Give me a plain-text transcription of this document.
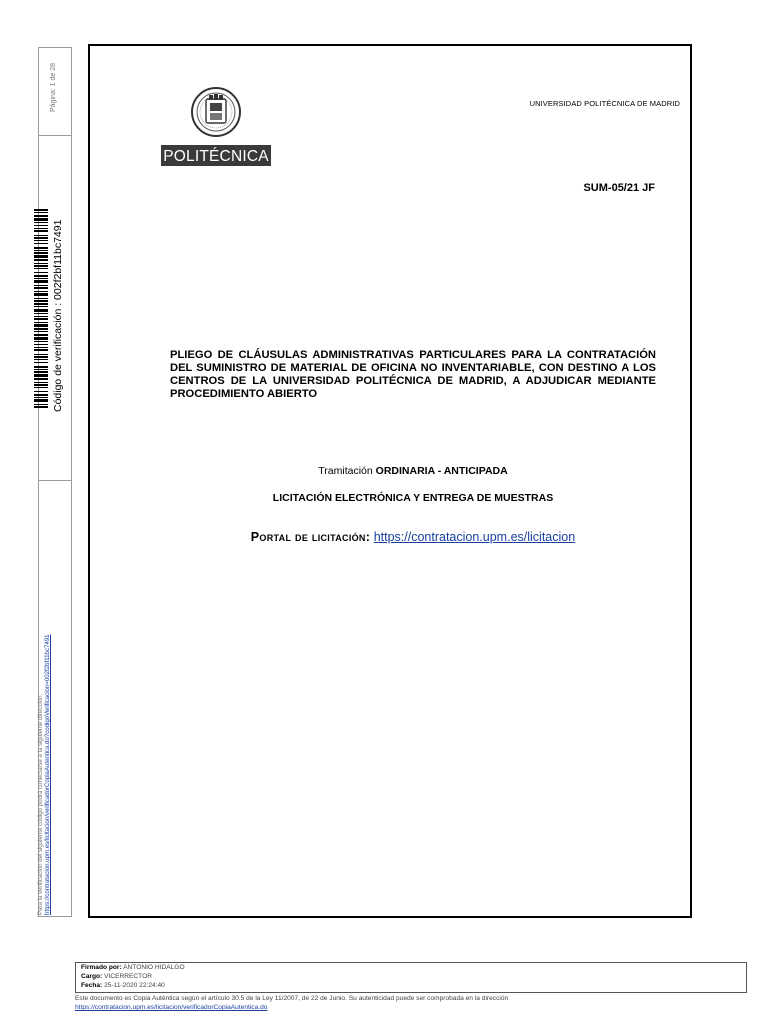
Página: 1 de 28
Código de verificación : 002f2bf11bc7491
Para la verificación del siguiente código podrá conectarse a la siguiente dirección: https://contratacion.upm.es/licitacion/verificadorCopiaAutentica.do?codigoVerificacion=002f2bf11bc7491
POLITÉCNICA
UNIVERSIDAD POLITÉCNICA DE MADRID
SUM-05/21 JF
PLIEGO DE CLÁUSULAS ADMINISTRATIVAS PARTICULARES PARA LA CONTRATACIÓN DEL SUMINISTRO DE MATERIAL DE OFICINA NO INVENTARIABLE, CON DESTINO A LOS CENTROS DE LA UNIVERSIDAD POLITÉCNICA DE MADRID, A ADJUDICAR MEDIANTE PROCEDIMIENTO ABIERTO
Tramitación ORDINARIA - ANTICIPADA
LICITACIÓN ELECTRÓNICA Y ENTREGA DE MUESTRAS
Portal de licitación: https://contratacion.upm.es/licitacion
Firmado por: ANTONIO HIDALGO
Cargo: VICERRECTOR
Fecha: 25-11-2020 22:24:40
Este documento es Copia Auténtica según el artículo 30.5 de la Ley 11/2007, de 22 de Junio. Su autenticidad puede ser comprobada en la dirección
https://contratacion.upm.es/licitacion/verificadorCopiaAutentica.do
